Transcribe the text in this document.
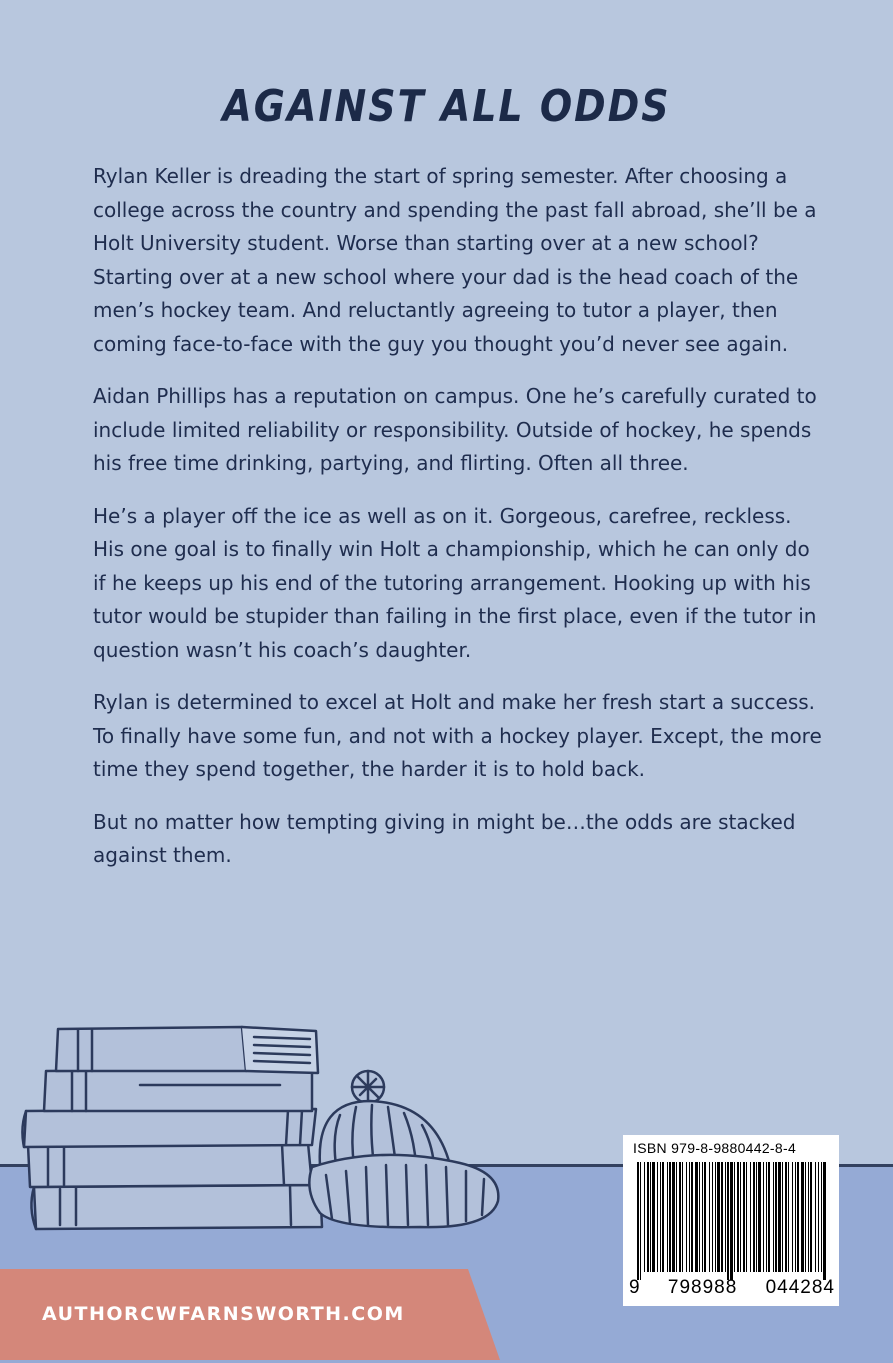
AGAINST ALL ODDS

Rylan Keller is dreading the start of spring semester. After choosing a college across the country and spending the past fall abroad, she’ll be a Holt University student. Worse than starting over at a new school? Starting over at a new school where your dad is the head coach of the men’s hockey team. And reluctantly agreeing to tutor a player, then coming face-to-face with the guy you thought you’d never see again.

Aidan Phillips has a reputation on campus. One he’s carefully curated to include limited reliability or responsibility. Outside of hockey, he spends his free time drinking, partying, and flirting. Often all three.

He’s a player off the ice as well as on it. Gorgeous, carefree, reckless. His one goal is to finally win Holt a championship, which he can only do if he keeps up his end of the tutoring arrangement. Hooking up with his tutor would be stupider than failing in the first place, even if the tutor in question wasn’t his coach’s daughter.

Rylan is determined to excel at Holt and make her fresh start a success. To finally have some fun, and not with a hockey player. Except, the more time they spend together, the harder it is to hold back.

But no matter how tempting giving in might be…the odds are stacked against them.

AUTHORCWFARNSWORTH.COM
ISBN 979-8-9880442-8-4
9 798988 044284
